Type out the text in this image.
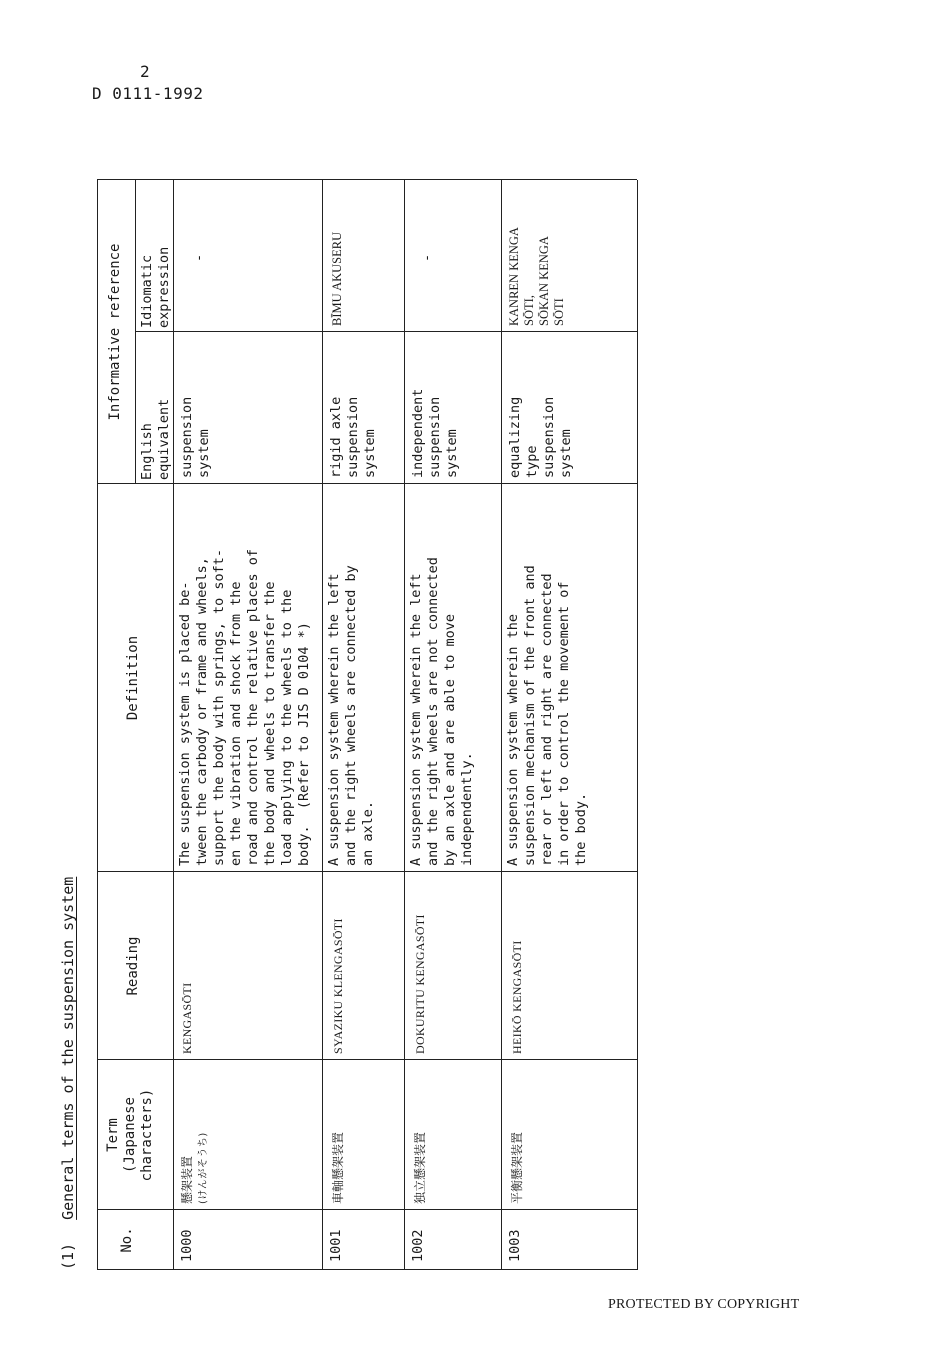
2
D 0111-1992
(1) General terms of the suspension system
No.
Term
(Japanese
characters)
Reading
Definition
Informative reference
English
equivalent
Idiomatic
expression
1000
懸架装置 (けんがそうち)
KENGASŌTI
The suspension system is placed be-
tween the carbody or frame and wheels,
support the body with springs, to soft-
en the vibration and shock from the
road and control the relative places of
the body and wheels to transfer the
load applying to the wheels to the
body.  (Refer to JIS D 0104 *)
suspension
system
-
1001
車軸懸架装置
SYAZIKU KLENGASŌTI
A suspension system wherein the left
and the right wheels are connected by
an axle.
rigid axle
suspension
system
BĪMU AKUSERU
1002
独立懸架装置
DOKURITU KENGASŌTI
A suspension system wherein the left
and the right wheels are not connected
by an axle and are able to move
independently.
independent
suspension
system
-
1003
平衡懸架装置
HEIKŌ KENGASŌTI
A suspension system wherein the
suspension mechanism of the front and
rear or left and right are connected
in order to control the movement of
the body.
equalizing
type
suspension
system
KANREN KENGA
SŌTI,
SŌKAN KENGA
SŌTI
PROTECTED BY COPYRIGHT
